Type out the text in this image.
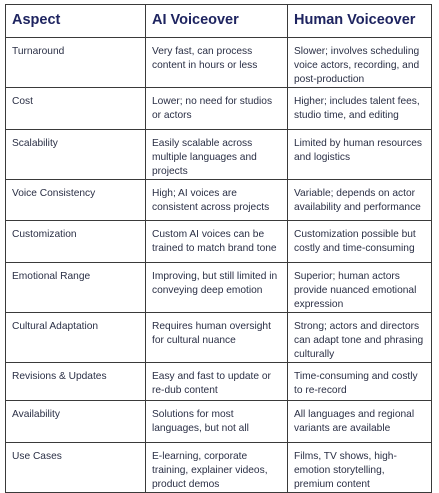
Aspect	AI Voiceover	Human Voiceover
Turnaround	Very fast, can process content in hours or less	Slower; involves scheduling voice actors, recording, and post-production
Cost	Lower; no need for studios or actors	Higher; includes talent fees, studio time, and editing
Scalability	Easily scalable across multiple languages and projects	Limited by human resources and logistics
Voice Consistency	High; AI voices are consistent across projects	Variable; depends on actor availability and performance
Customization	Custom AI voices can be trained to match brand tone	Customization possible but costly and time-consuming
Emotional Range	Improving, but still limited in conveying deep emotion	Superior; human actors provide nuanced emotional expression
Cultural Adaptation	Requires human oversight for cultural nuance	Strong; actors and directors can adapt tone and phrasing culturally
Revisions & Updates	Easy and fast to update or re-dub content	Time-consuming and costly to re-record
Availability	Solutions for most languages, but not all	All languages and regional variants are available
Use Cases	E-learning, corporate training, explainer videos, product demos	Films, TV shows, high-emotion storytelling, premium content
